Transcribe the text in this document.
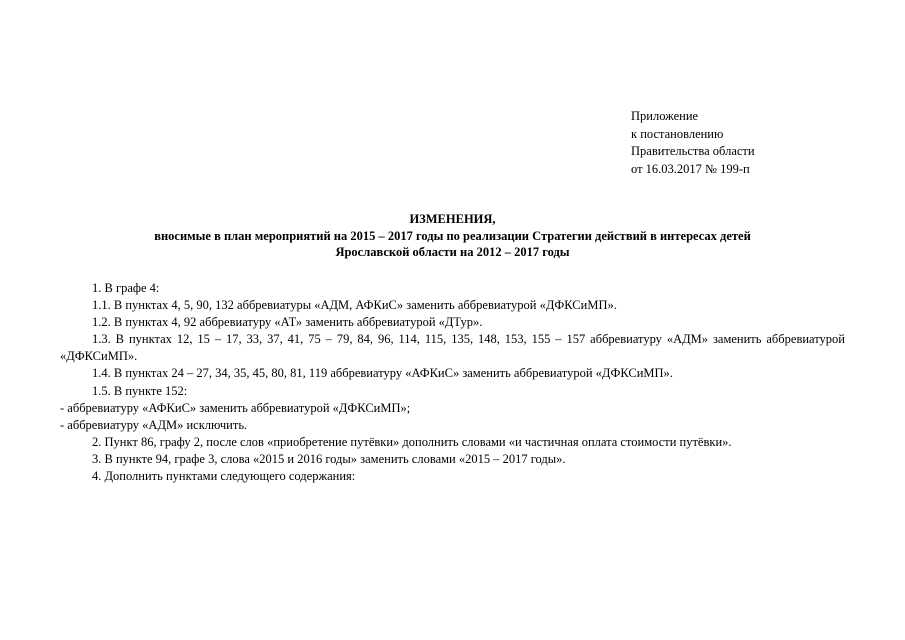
Приложение
к постановлению
Правительства области
от 16.03.2017 № 199-п
ИЗМЕНЕНИЯ,
вносимые в план мероприятий на 2015 – 2017 годы по реализации Стратегии действий в интересах детей
Ярославской области на 2012 – 2017 годы

1. В графе 4:

1.1. В пунктах 4, 5, 90, 132 аббревиатуры «АДМ, АФКиС» заменить аббревиатурой «ДФКСиМП».

1.2. В пунктах 4, 92 аббревиатуру «АТ» заменить аббревиатурой «ДТур».

1.3. В пунктах 12, 15 – 17, 33, 37, 41, 75 – 79, 84, 96, 114, 115, 135, 148, 153, 155 – 157 аббревиатуру «АДМ» заменить аббревиатурой «ДФКСиМП».

1.4. В пунктах 24 – 27, 34, 35, 45, 80, 81, 119 аббревиатуру «АФКиС» заменить аббревиатурой «ДФКСиМП».

1.5. В пункте 152:

- аббревиатуру «АФКиС» заменить аббревиатурой «ДФКСиМП»;

- аббревиатуру «АДМ» исключить.

2. Пункт 86, графу 2, после слов «приобретение путёвки» дополнить словами «и частичная оплата стоимости путёвки».

3. В пункте 94, графе 3, слова «2015 и 2016 годы» заменить словами «2015 – 2017 годы».

4. Дополнить пунктами следующего содержания:
